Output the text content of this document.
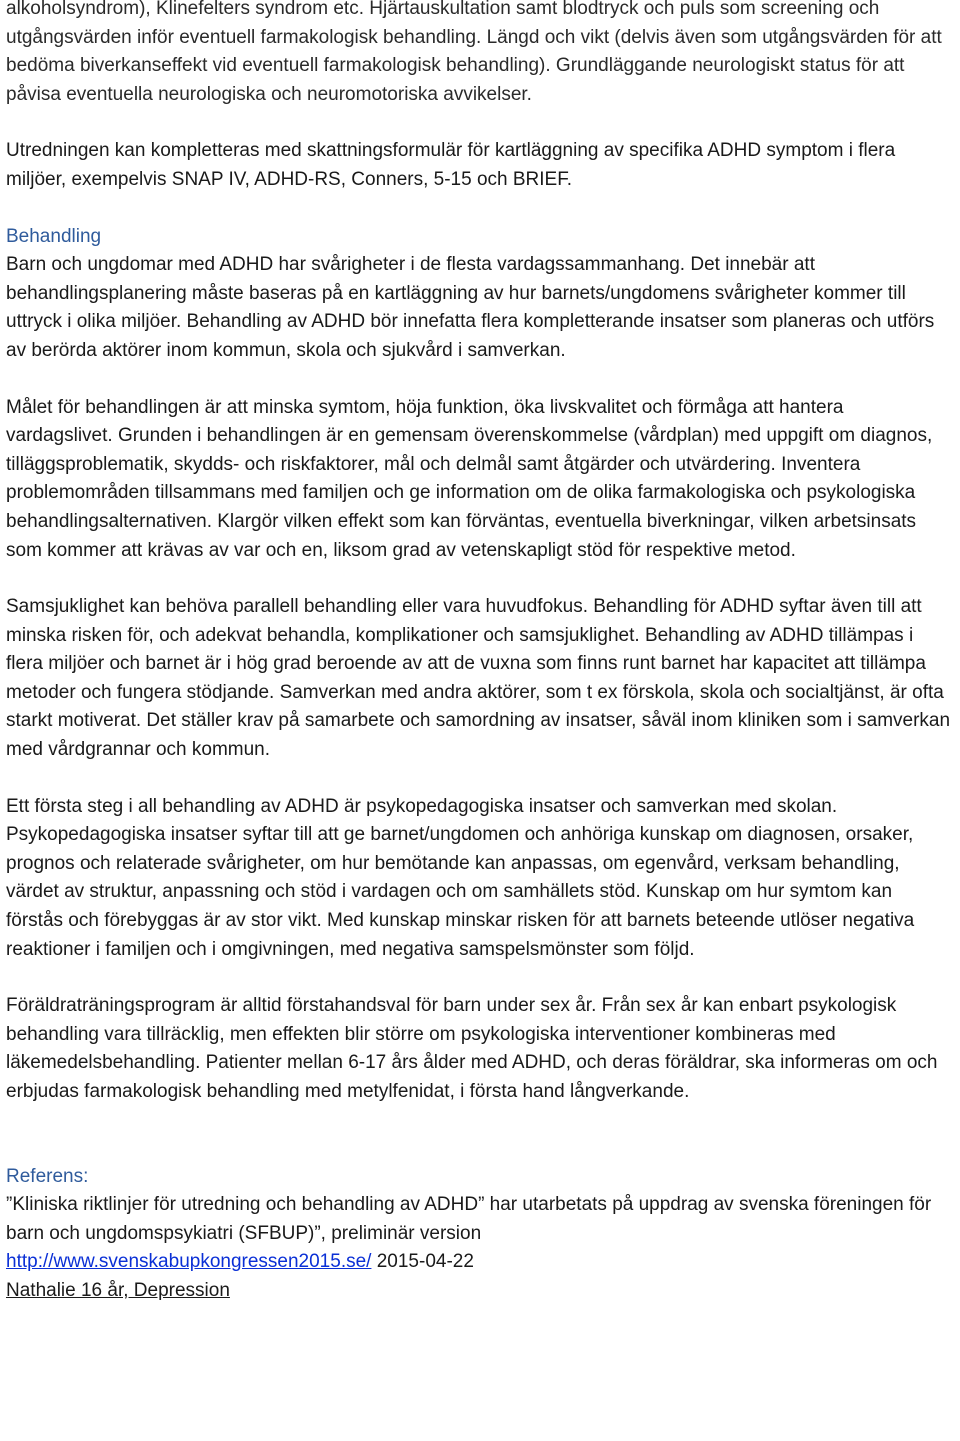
alkoholsyndrom), Klinefelters syndrom etc. Hjärtauskultation samt blodtryck och puls som screening och utgångsvärden inför eventuell farmakologisk behandling. Längd och vikt (delvis även som utgångsvärden för att bedöma biverkanseffekt vid eventuell farmakologisk behandling). Grundläggande neurologiskt status för att påvisa eventuella neurologiska och neuromotoriska avvikelser.

Utredningen kan kompletteras med skattningsformulär för kartläggning av specifika ADHD symptom i flera miljöer, exempelvis SNAP IV, ADHD-RS, Conners, 5-15 och BRIEF.

Behandling

Barn och ungdomar med ADHD har svårigheter i de flesta vardagssammanhang. Det innebär att behandlingsplanering måste baseras på en kartläggning av hur barnets/ungdomens svårigheter kommer till uttryck i olika miljöer. Behandling av ADHD bör innefatta flera kompletterande insatser som planeras och utförs av berörda aktörer inom kommun, skola och sjukvård i samverkan.

Målet för behandlingen är att minska symtom, höja funktion, öka livskvalitet och förmåga att hantera vardagslivet. Grunden i behandlingen är en gemensam överenskommelse (vårdplan) med uppgift om diagnos, tilläggsproblematik, skydds- och riskfaktorer, mål och delmål samt åtgärder och utvärdering. Inventera problemområden tillsammans med familjen och ge information om de olika farmakologiska och psykologiska behandlingsalternativen. Klargör vilken effekt som kan förväntas, eventuella biverkningar, vilken arbetsinsats som kommer att krävas av var och en, liksom grad av vetenskapligt stöd för respektive metod.

Samsjuklighet kan behöva parallell behandling eller vara huvudfokus. Behandling för ADHD syftar även till att minska risken för, och adekvat behandla, komplikationer och samsjuklighet. Behandling av ADHD tillämpas i flera miljöer och barnet är i hög grad beroende av att de vuxna som finns runt barnet har kapacitet att tillämpa metoder och fungera stödjande. Samverkan med andra aktörer, som t ex förskola, skola och socialtjänst, är ofta starkt motiverat. Det ställer krav på samarbete och samordning av insatser, såväl inom kliniken som i samverkan med vårdgrannar och kommun.

Ett första steg i all behandling av ADHD är psykopedagogiska insatser och samverkan med skolan. Psykopedagogiska insatser syftar till att ge barnet/ungdomen och anhöriga kunskap om diagnosen, orsaker, prognos och relaterade svårigheter, om hur bemötande kan anpassas, om egenvård, verksam behandling, värdet av struktur, anpassning och stöd i vardagen och om samhällets stöd. Kunskap om hur symtom kan förstås och förebyggas är av stor vikt. Med kunskap minskar risken för att barnets beteende utlöser negativa reaktioner i familjen och i omgivningen, med negativa samspelsmönster som följd.

Föräldraträningsprogram är alltid förstahandsval för barn under sex år. Från sex år kan enbart psykologisk behandling vara tillräcklig, men effekten blir större om psykologiska interventioner kombineras med läkemedelsbehandling. Patienter mellan 6-17 års ålder med ADHD, och deras föräldrar, ska informeras om och erbjudas farmakologisk behandling med metylfenidat, i första hand långverkande.

Referens:

”Kliniska riktlinjer för utredning och behandling av ADHD” har utarbetats på uppdrag av svenska föreningen för barn och ungdomspsykiatri (SFBUP)”, preliminär version

http://www.svenskabupkongressen2015.se/ 2015-04-22

Nathalie 16 år, Depression
